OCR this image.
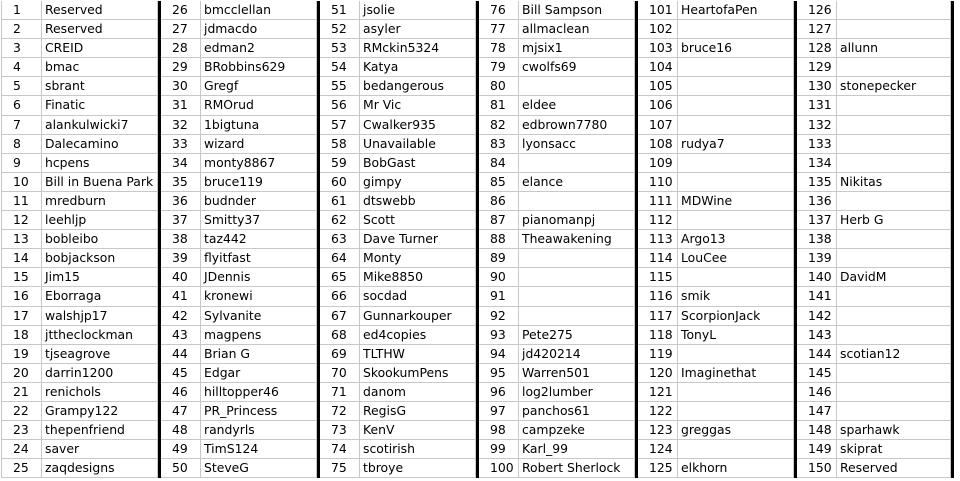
1
2
3
4
5
6
7
8
9
10
11
12
13
14
15
16
17
18
19
20
21
22
23
24
25
Reserved
Reserved
CREID
bmac
sbrant
Finatic
alankulwicki7
Dalecamino
hcpens
Bill in Buena Park
mredburn
leehljp
bobleibo
bobjackson
Jim15
Eborraga
walshjp17
jttheclockman
tjseagrove
darrin1200
renichols
Grampy122
thepenfriend
saver
zaqdesigns
26
27
28
29
30
31
32
33
34
35
36
37
38
39
40
41
42
43
44
45
46
47
48
49
50
bmcclellan
jdmacdo
edman2
BRobbins629
Gregf
RMOrud
1bigtuna
wizard
monty8867
bruce119
budnder
Smitty37
taz442
flyitfast
JDennis
kronewi
Sylvanite
magpens
Brian G
Edgar
hilltopper46
PR_Princess
randyrls
TimS124
SteveG
51
52
53
54
55
56
57
58
59
60
61
62
63
64
65
66
67
68
69
70
71
72
73
74
75
jsolie
asyler
RMckin5324
Katya
bedangerous
Mr Vic
Cwalker935
Unavailable
BobGast
gimpy
dtswebb
Scott
Dave Turner
Monty
Mike8850
socdad
Gunnarkouper
ed4copies
TLTHW
SkookumPens
danom
RegisG
KenV
scotirish
tbroye
76
77
78
79
80
81
82
83
84
85
86
87
88
89
90
91
92
93
94
95
96
97
98
99
100
Bill Sampson
allmaclean
mjsix1
cwolfs69
eldee
edbrown7780
lyonsacc
elance
pianomanpj
Theawakening
Pete275
jd420214
Warren501
log2lumber
panchos61
campzeke
Karl_99
Robert Sherlock
101
102
103
104
105
106
107
108
109
110
111
112
113
114
115
116
117
118
119
120
121
122
123
124
125
HeartofaPen
bruce16
rudya7
MDWine
Argo13
LouCee
smik
ScorpionJack
TonyL
Imaginethat
greggas
elkhorn
126
127
128
129
130
131
132
133
134
135
136
137
138
139
140
141
142
143
144
145
146
147
148
149
150
allunn
stonepecker
Nikitas
Herb G
DavidM
scotian12
sparhawk
skiprat
Reserved
